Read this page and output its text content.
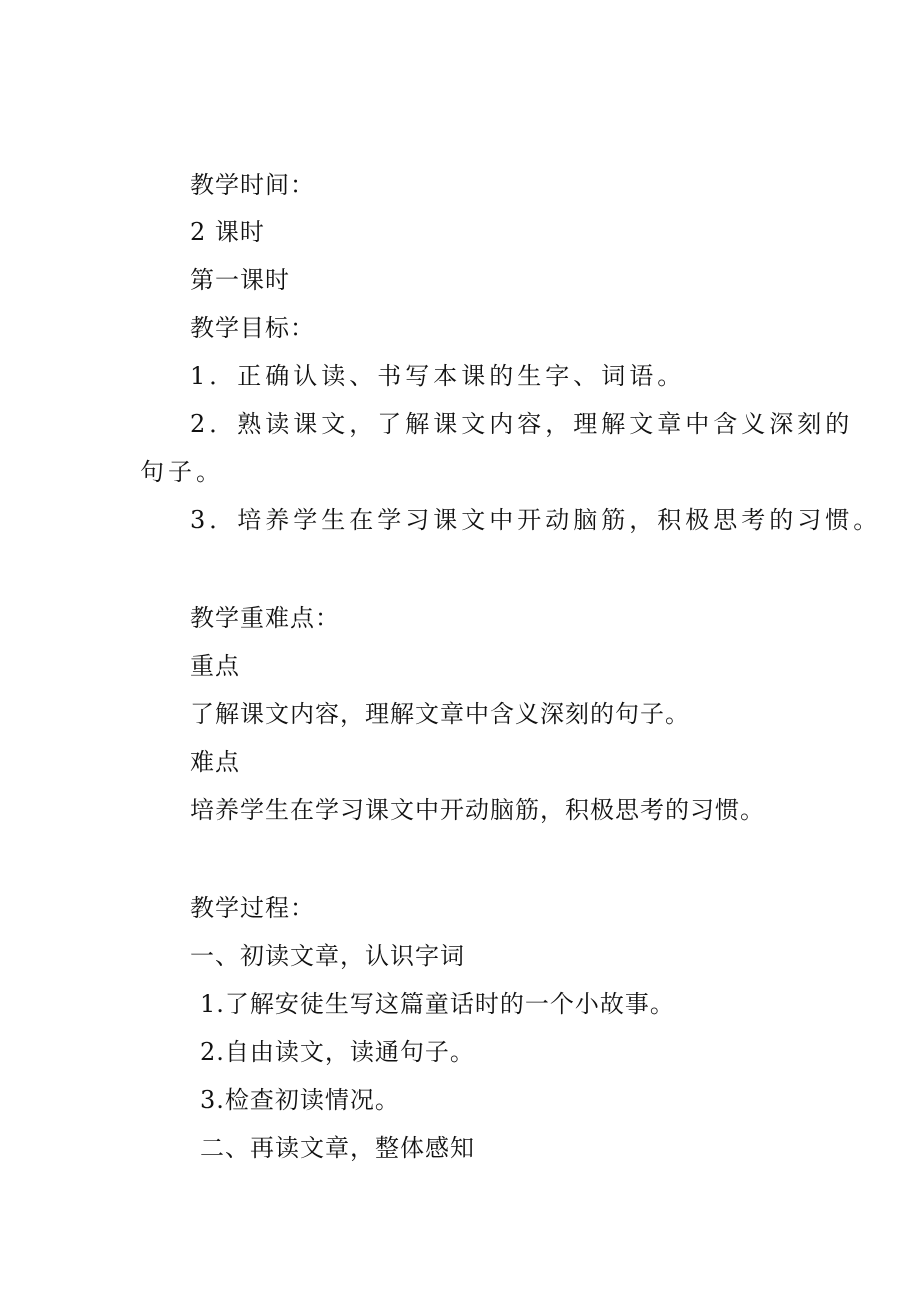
教学时间：
2 课时
第一课时
教学目标：
1．正确认读、书写本课的生字、词语。
2．熟读课文，了解课文内容，理解文章中含义深刻的
句子。
3．培养学生在学习课文中开动脑筋，积极思考的习惯。
教学重难点：
重点
了解课文内容，理解文章中含义深刻的句子。
难点
培养学生在学习课文中开动脑筋，积极思考的习惯。
教学过程：
一、初读文章，认识字词
1.了解安徒生写这篇童话时的一个小故事。
2.自由读文，读通句子。
3.检查初读情况。
二、再读文章，整体感知
